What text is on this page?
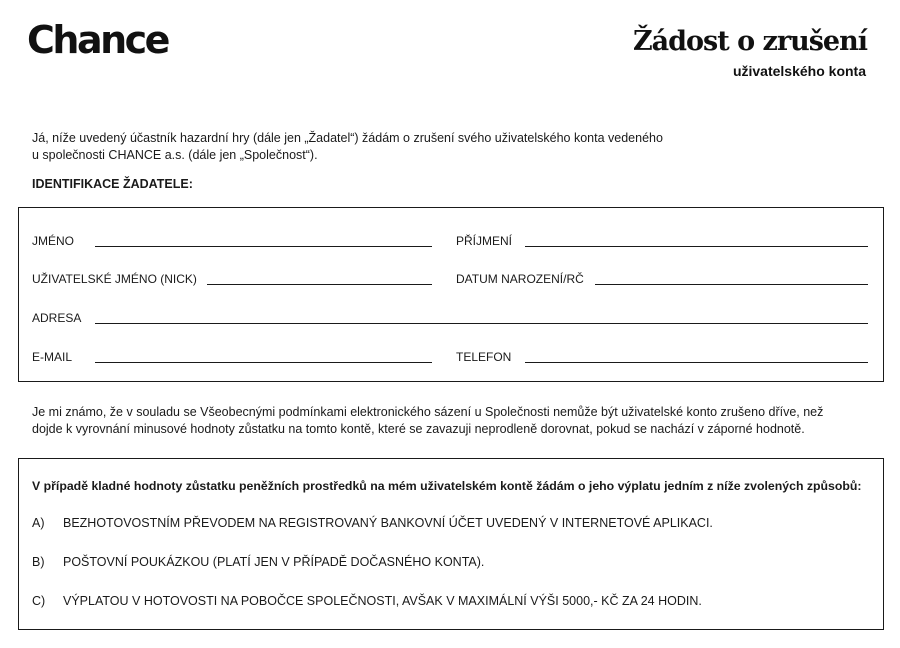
Chance	Žádost o zrušení
uživatelského konta
Já, níže uvedený účastník hazardní hry (dále jen „Žadatel“) žádám o zrušení svého uživatelského konta vedeného
u společnosti CHANCE a.s. (dále jen „Společnost“).
IDENTIFIKACE ŽADATELE:
JMÉNO	PŘÍJMENÍ
UŽIVATELSKÉ JMÉNO (NICK)	DATUM NAROZENÍ/RČ
ADRESA
E-MAIL	TELEFON
Je mi známo, že v souladu se Všeobecnými podmínkami elektronického sázení u Společnosti nemůže být uživatelské konto zrušeno dříve, než
dojde k vyrovnání minusové hodnoty zůstatku na tomto kontě, které se zavazuji neprodleně dorovnat, pokud se nachází v záporné hodnotě.
V případě kladné hodnoty zůstatku peněžních prostředků na mém uživatelském kontě žádám o jeho výplatu jedním z níže zvolených způsobů:
A) BEZHOTOVOSTNÍM PŘEVODEM NA REGISTROVANÝ BANKOVNÍ ÚČET UVEDENÝ V INTERNETOVÉ APLIKACI.
B) POŠTOVNÍ POUKÁZKOU (PLATÍ JEN V PŘÍPADĚ DOČASNÉHO KONTA).
C) VÝPLATOU V HOTOVOSTI NA POBOČCE SPOLEČNOSTI, AVŠAK V MAXIMÁLNÍ VÝŠI 5000,- KČ ZA 24 HODIN.
